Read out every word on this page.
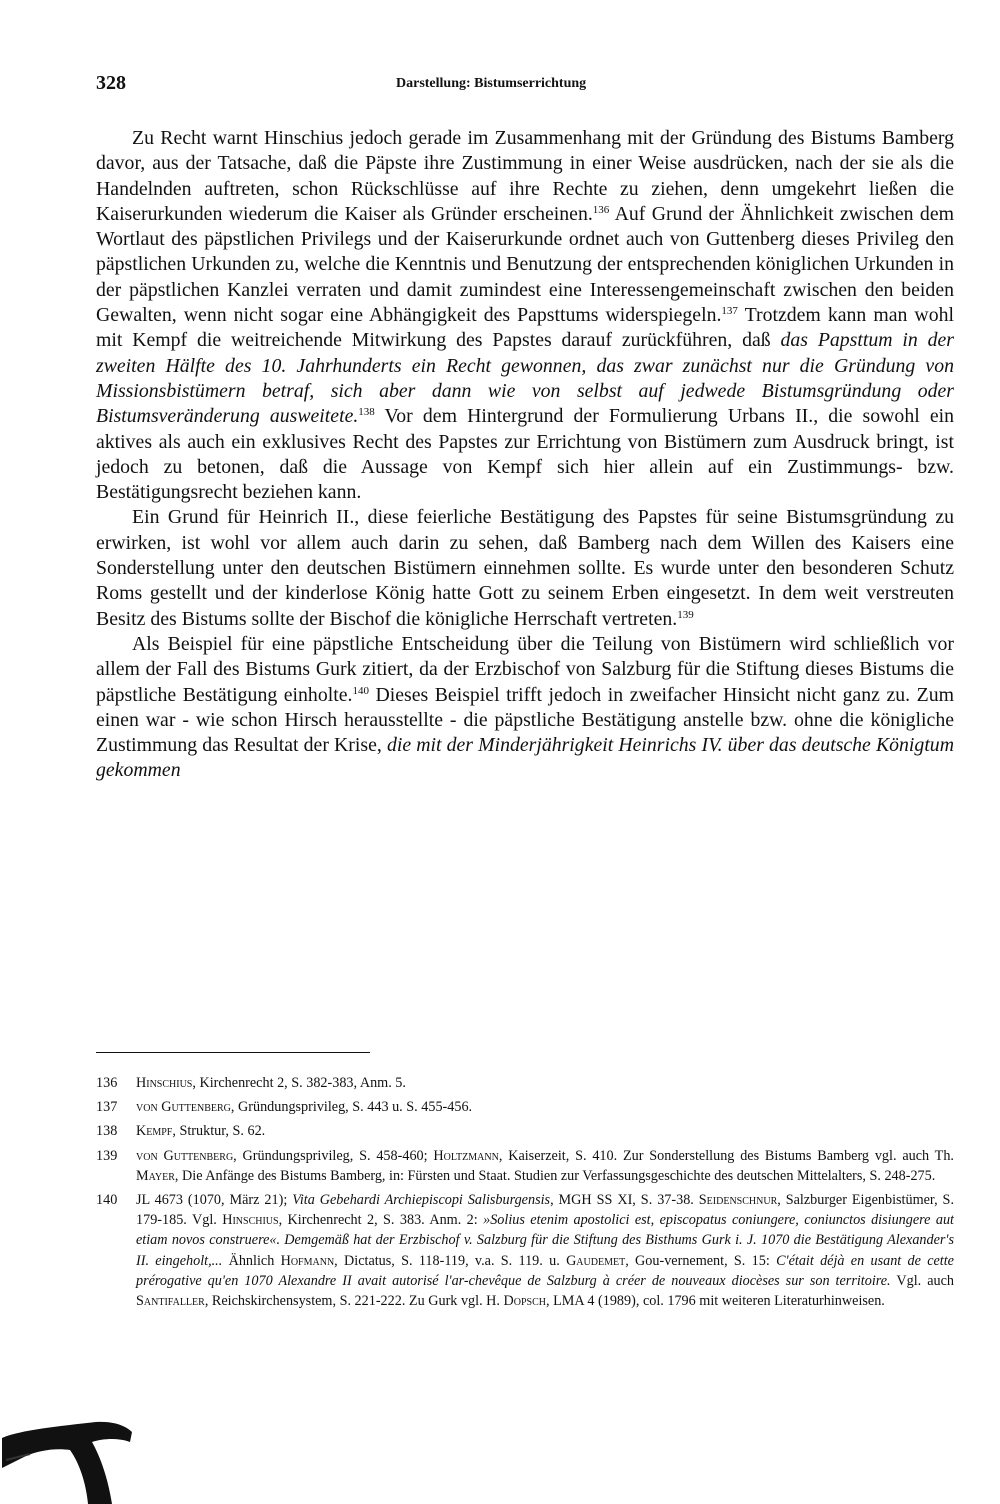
328	Darstellung: Bistumserrichtung

Zu Recht warnt Hinschius jedoch gerade im Zusammenhang mit der Gründung des Bistums Bamberg davor, aus der Tatsache, daß die Päpste ihre Zustimmung in einer Weise ausdrücken, nach der sie als die Handelnden auftreten, schon Rückschlüsse auf ihre Rechte zu ziehen, denn umgekehrt ließen die Kaiserurkunden wiederum die Kaiser als Gründer erscheinen.$^{136}$ Auf Grund der Ähnlichkeit zwischen dem Wortlaut des päpstlichen Privilegs und der Kaiserurkunde ordnet auch von Guttenberg dieses Privileg den päpstlichen Urkunden zu, welche die Kenntnis und Benutzung der entsprechenden königlichen Urkunden in der päpstlichen Kanzlei verraten und damit zumindest eine Interessengemeinschaft zwischen den beiden Gewalten, wenn nicht sogar eine Abhängigkeit des Papsttums widerspiegeln.$^{137}$ Trotzdem kann man wohl mit Kempf die weitreichende Mitwirkung des Papstes darauf zurückführen, daß das Papsttum in der zweiten Hälfte des 10. Jahrhunderts ein Recht gewonnen, das zwar zunächst nur die Gründung von Missionsbistümern betraf, sich aber dann wie von selbst auf jedwede Bistumsgründung oder Bistumsveränderung ausweitete.$^{138}$ Vor dem Hintergrund der Formulierung Urbans II., die sowohl ein aktives als auch ein exklusives Recht des Papstes zur Errichtung von Bistümern zum Ausdruck bringt, ist jedoch zu betonen, daß die Aussage von Kempf sich hier allein auf ein Zustimmungs- bzw. Bestätigungsrecht beziehen kann.

Ein Grund für Heinrich II., diese feierliche Bestätigung des Papstes für seine Bistumsgründung zu erwirken, ist wohl vor allem auch darin zu sehen, daß Bamberg nach dem Willen des Kaisers eine Sonderstellung unter den deutschen Bistümern einnehmen sollte. Es wurde unter den besonderen Schutz Roms gestellt und der kinderlose König hatte Gott zu seinem Erben eingesetzt. In dem weit verstreuten Besitz des Bistums sollte der Bischof die königliche Herrschaft vertreten.$^{139}$

Als Beispiel für eine päpstliche Entscheidung über die Teilung von Bistümern wird schließlich vor allem der Fall des Bistums Gurk zitiert, da der Erzbischof von Salzburg für die Stiftung dieses Bistums die päpstliche Bestätigung einholte.$^{140}$ Dieses Beispiel trifft jedoch in zweifacher Hinsicht nicht ganz zu. Zum einen war - wie schon Hirsch herausstellte - die päpstliche Bestätigung anstelle bzw. ohne die königliche Zustimmung das Resultat der Krise, die mit der Minderjährigkeit Heinrichs IV. über das deutsche Königtum gekommen

136 Hinschius, Kirchenrecht 2, S. 382-383, Anm. 5.
137 von Guttenberg, Gründungsprivileg, S. 443 u. S. 455-456.
138 Kempf, Struktur, S. 62.
139 von Guttenberg, Gründungsprivileg, S. 458-460; Holtzmann, Kaiserzeit, S. 410. Zur Sonderstellung des Bistums Bamberg vgl. auch Th. Mayer, Die Anfänge des Bistums Bamberg, in: Fürsten und Staat. Studien zur Verfassungsgeschichte des deutschen Mittelalters, S. 248-275.
140 JL 4673 (1070, März 21); Vita Gebehardi Archiepiscopi Salisburgensis, MGH SS XI, S. 37-38. Seidenschnur, Salzburger Eigenbistümer, S. 179-185. Vgl. Hinschius, Kirchenrecht 2, S. 383. Anm. 2: »Solius etenim apostolici est, episcopatus coniungere, coniunctos disiungere aut etiam novos construere«. Demgemäß hat der Erzbischof v. Salzburg für die Stiftung des Bisthums Gurk i. J. 1070 die Bestätigung Alexander's II. eingeholt,... Ähnlich Hofmann, Dictatus, S. 118-119, v.a. S. 119. u. Gaudemet, Gou-vernement, S. 15: C'était déjà en usant de cette prérogative qu'en 1070 Alexandre II avait autorisé l'ar-chevêque de Salzburg à créer de nouveaux diocèses sur son territoire. Vgl. auch Santifaller, Reichskirchensystem, S. 221-222. Zu Gurk vgl. H. Dopsch, LMA 4 (1989), col. 1796 mit weiteren Literaturhinweisen.
